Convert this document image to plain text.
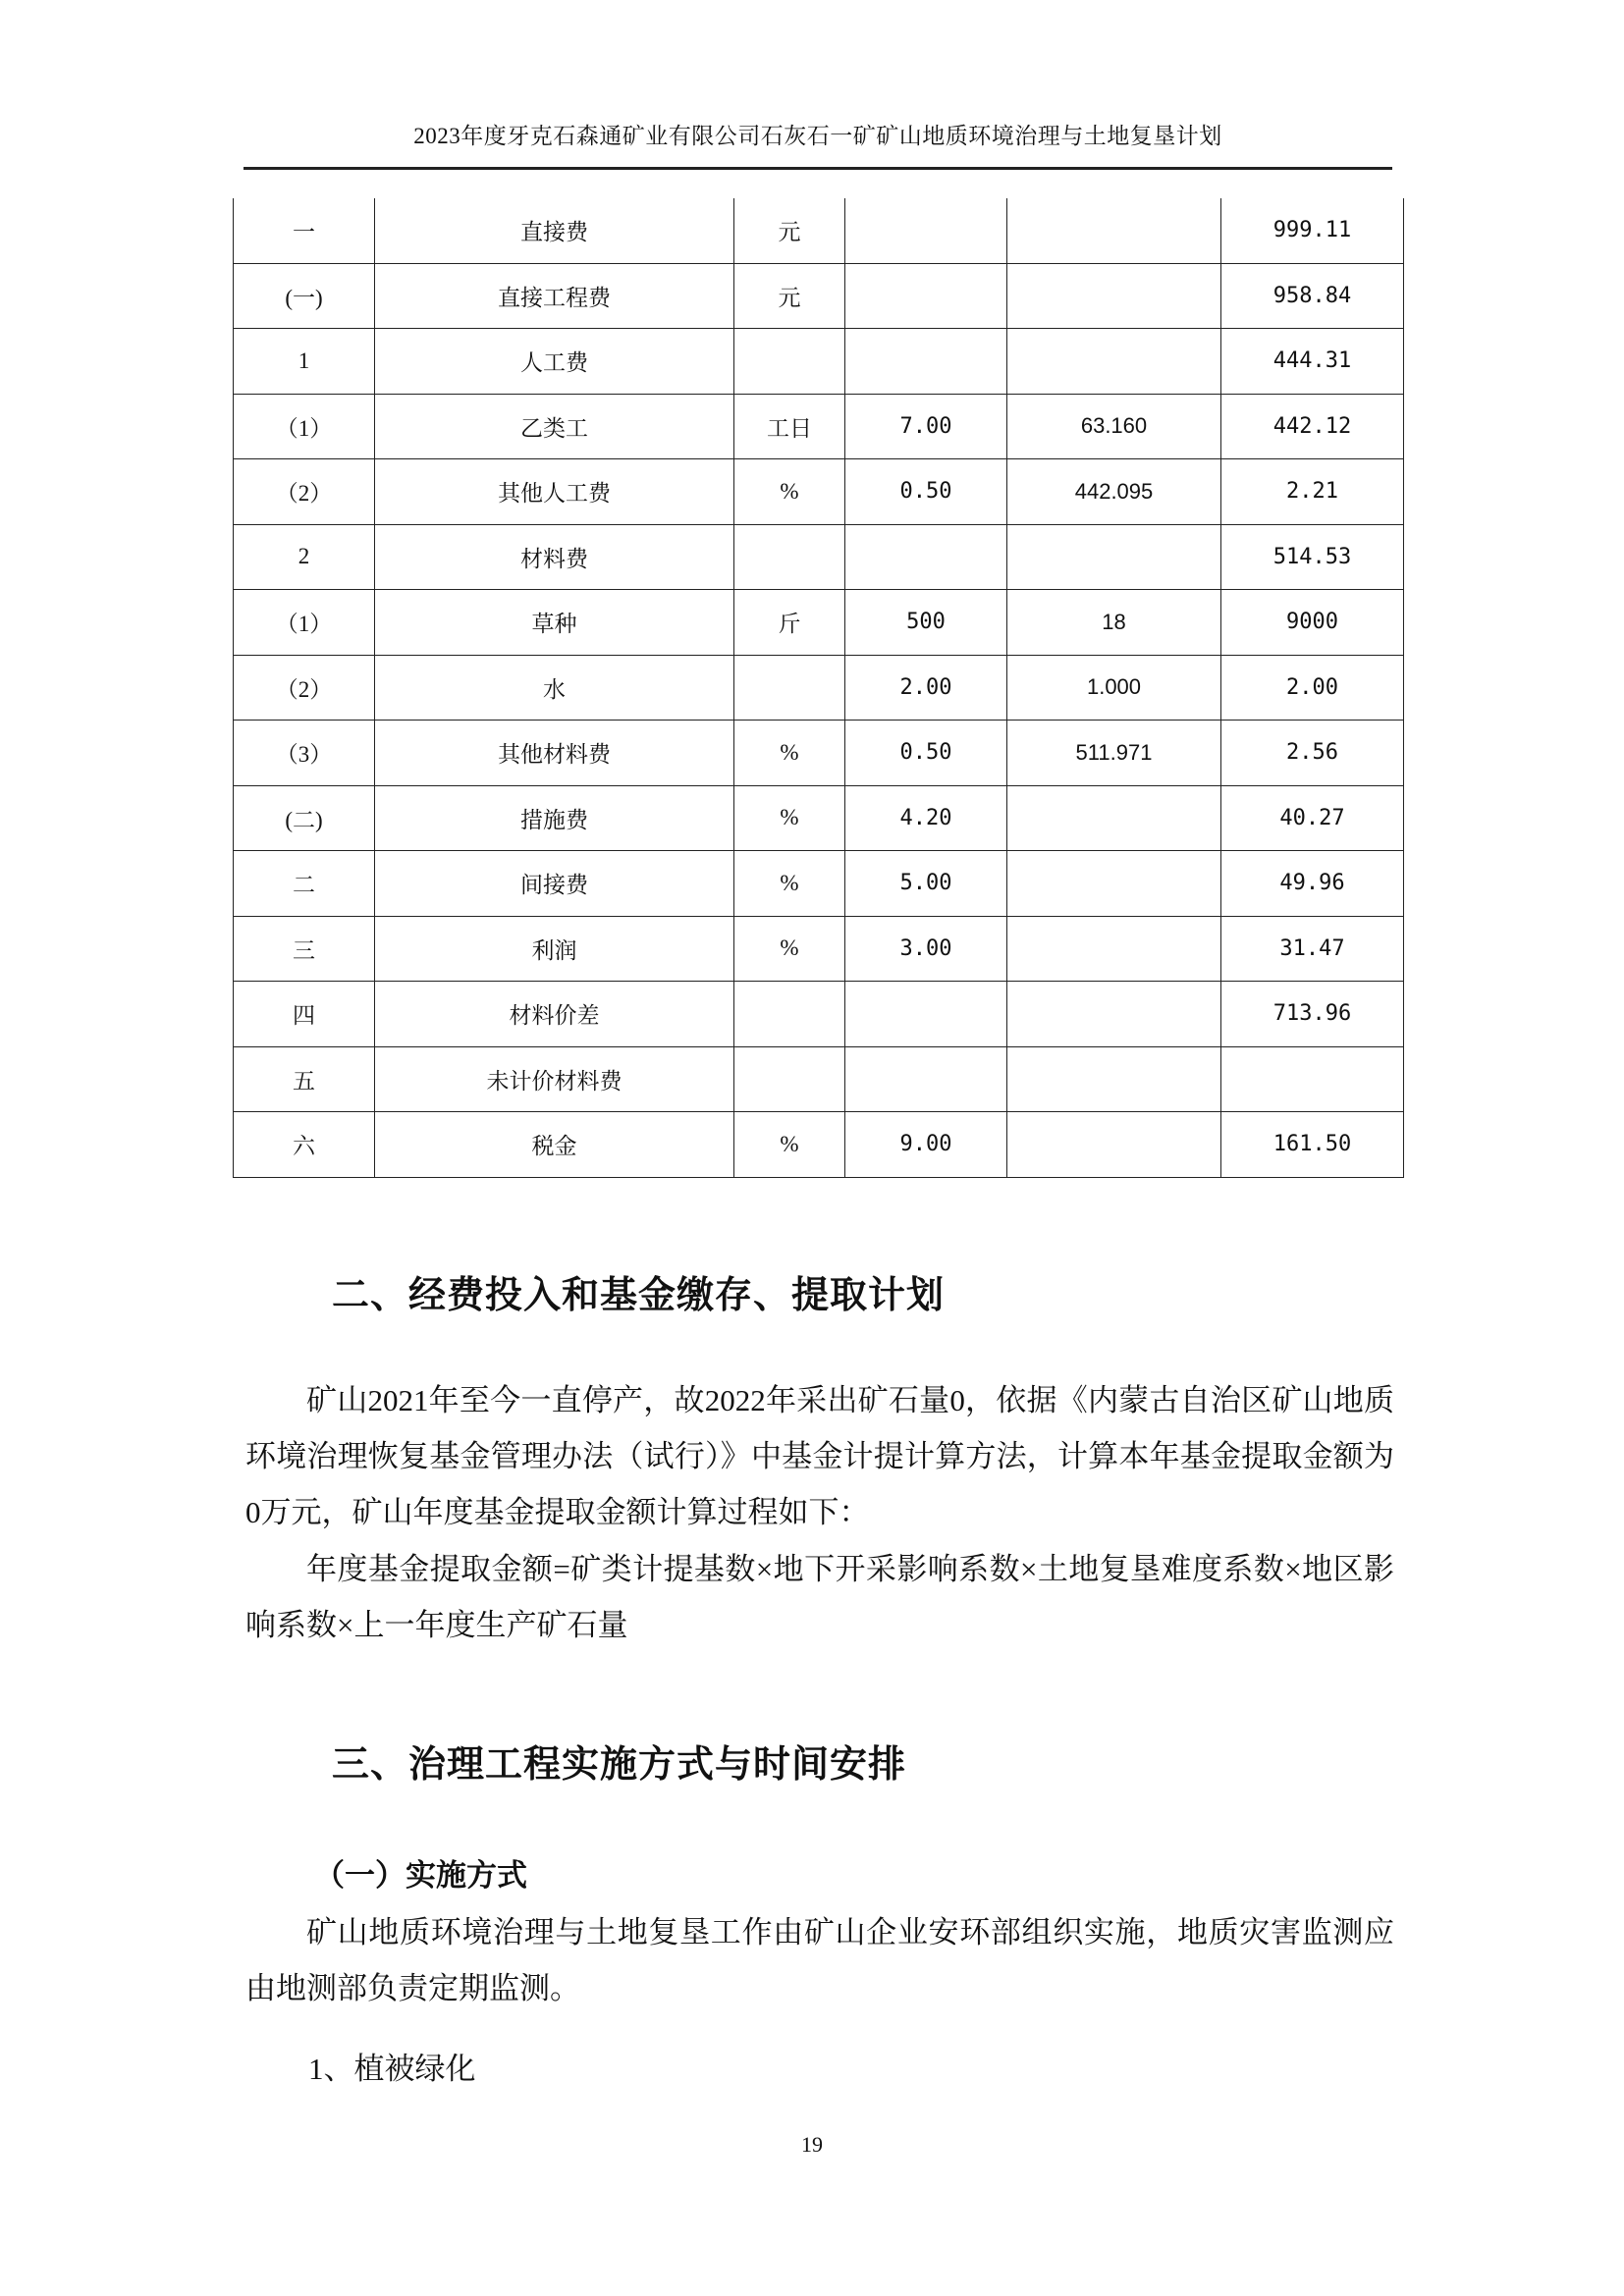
2023年度牙克石森通矿业有限公司石灰石一矿矿山地质环境治理与土地复垦计划
一	直接费	元			999.11
(一)	直接工程费	元			958.84
1	人工费				444.31
（1）	乙类工	工日	7.00	63.160	442.12
（2）	其他人工费	%	0.50	442.095	2.21
2	材料费				514.53
（1）	草种	斤	500	18	9000
（2）	水		2.00	1.000	2.00
（3）	其他材料费	%	0.50	511.971	2.56
(二)	措施费	%	4.20		40.27
二	间接费	%	5.00		49.96
三	利润	%	3.00		31.47
四	材料价差				713.96
五	未计价材料费				
六	税金	%	9.00		161.50
二、经费投入和基金缴存、提取计划

矿山2021年至今一直停产，故2022年采出矿石量0，依据《内蒙古自治区矿山地质环境治理恢复基金管理办法（试行）》中基金计提计算方法，计算本年基金提取金额为0万元，矿山年度基金提取金额计算过程如下：

年度基金提取金额=矿类计提基数×地下开采影响系数×土地复垦难度系数×地区影响系数×上一年度生产矿石量

三、治理工程实施方式与时间安排
（一）实施方式

矿山地质环境治理与土地复垦工作由矿山企业安环部组织实施，地质灾害监测应由地测部负责定期监测。

1、植被绿化
19
